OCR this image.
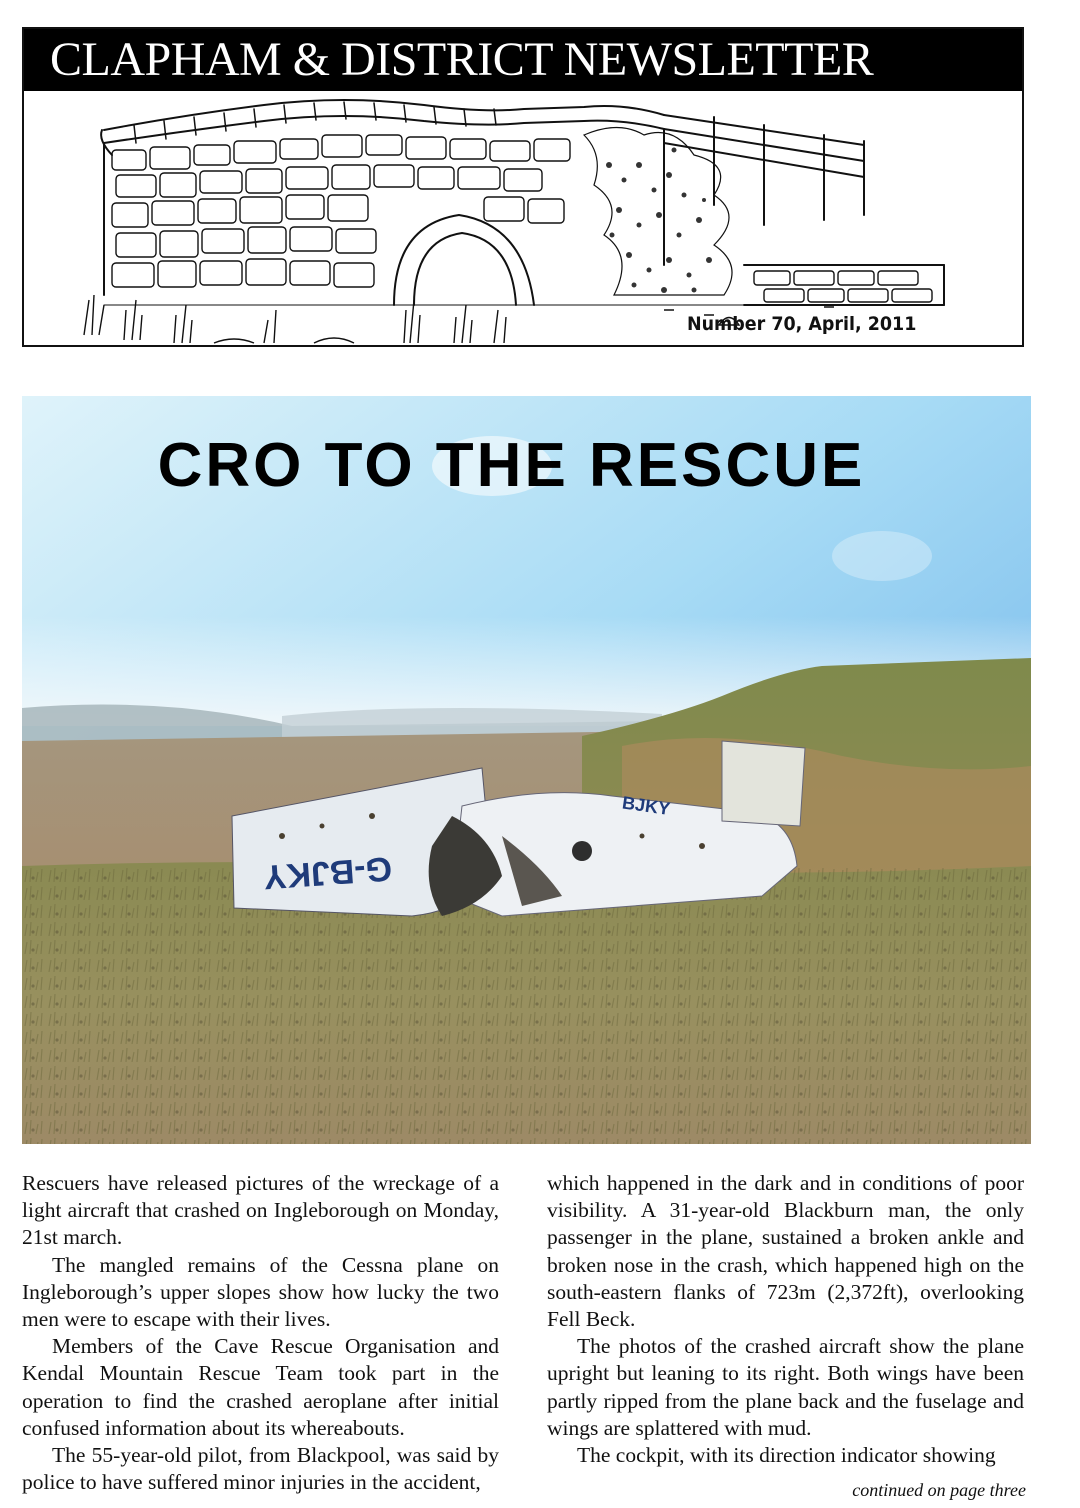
CLAPHAM & DISTRICT NEWSLETTER
Number 70, April, 2011
G-BJKY
BJKY
CRO TO THE RESCUE

Rescuers have released pictures of the wreckage of a light aircraft that crashed on Ingleborough on Monday, 21st march.

The mangled remains of the Cessna plane on Ingleborough’s upper slopes show how lucky the two men were to escape with their lives.

Members of the Cave Rescue Organisation and Kendal Mountain Rescue Team took part in the operation to find the crashed aeroplane after initial confused information about its whereabouts.

The 55-year-old pilot, from Blackpool, was said by police to have suffered minor injuries in the accident,

which happened in the dark and in conditions of poor visibility. A 31-year-old Blackburn man, the only passenger in the plane, sustained a broken ankle and broken nose in the crash, which happened high on the south-eastern flanks of 723m (2,372ft), overlooking Fell Beck.

The photos of the crashed aircraft show the plane upright but leaning to its right. Both wings have been partly ripped from the plane back and the fuselage and wings are splattered with mud.

The cockpit, with its direction indicator showing

continued on page three
